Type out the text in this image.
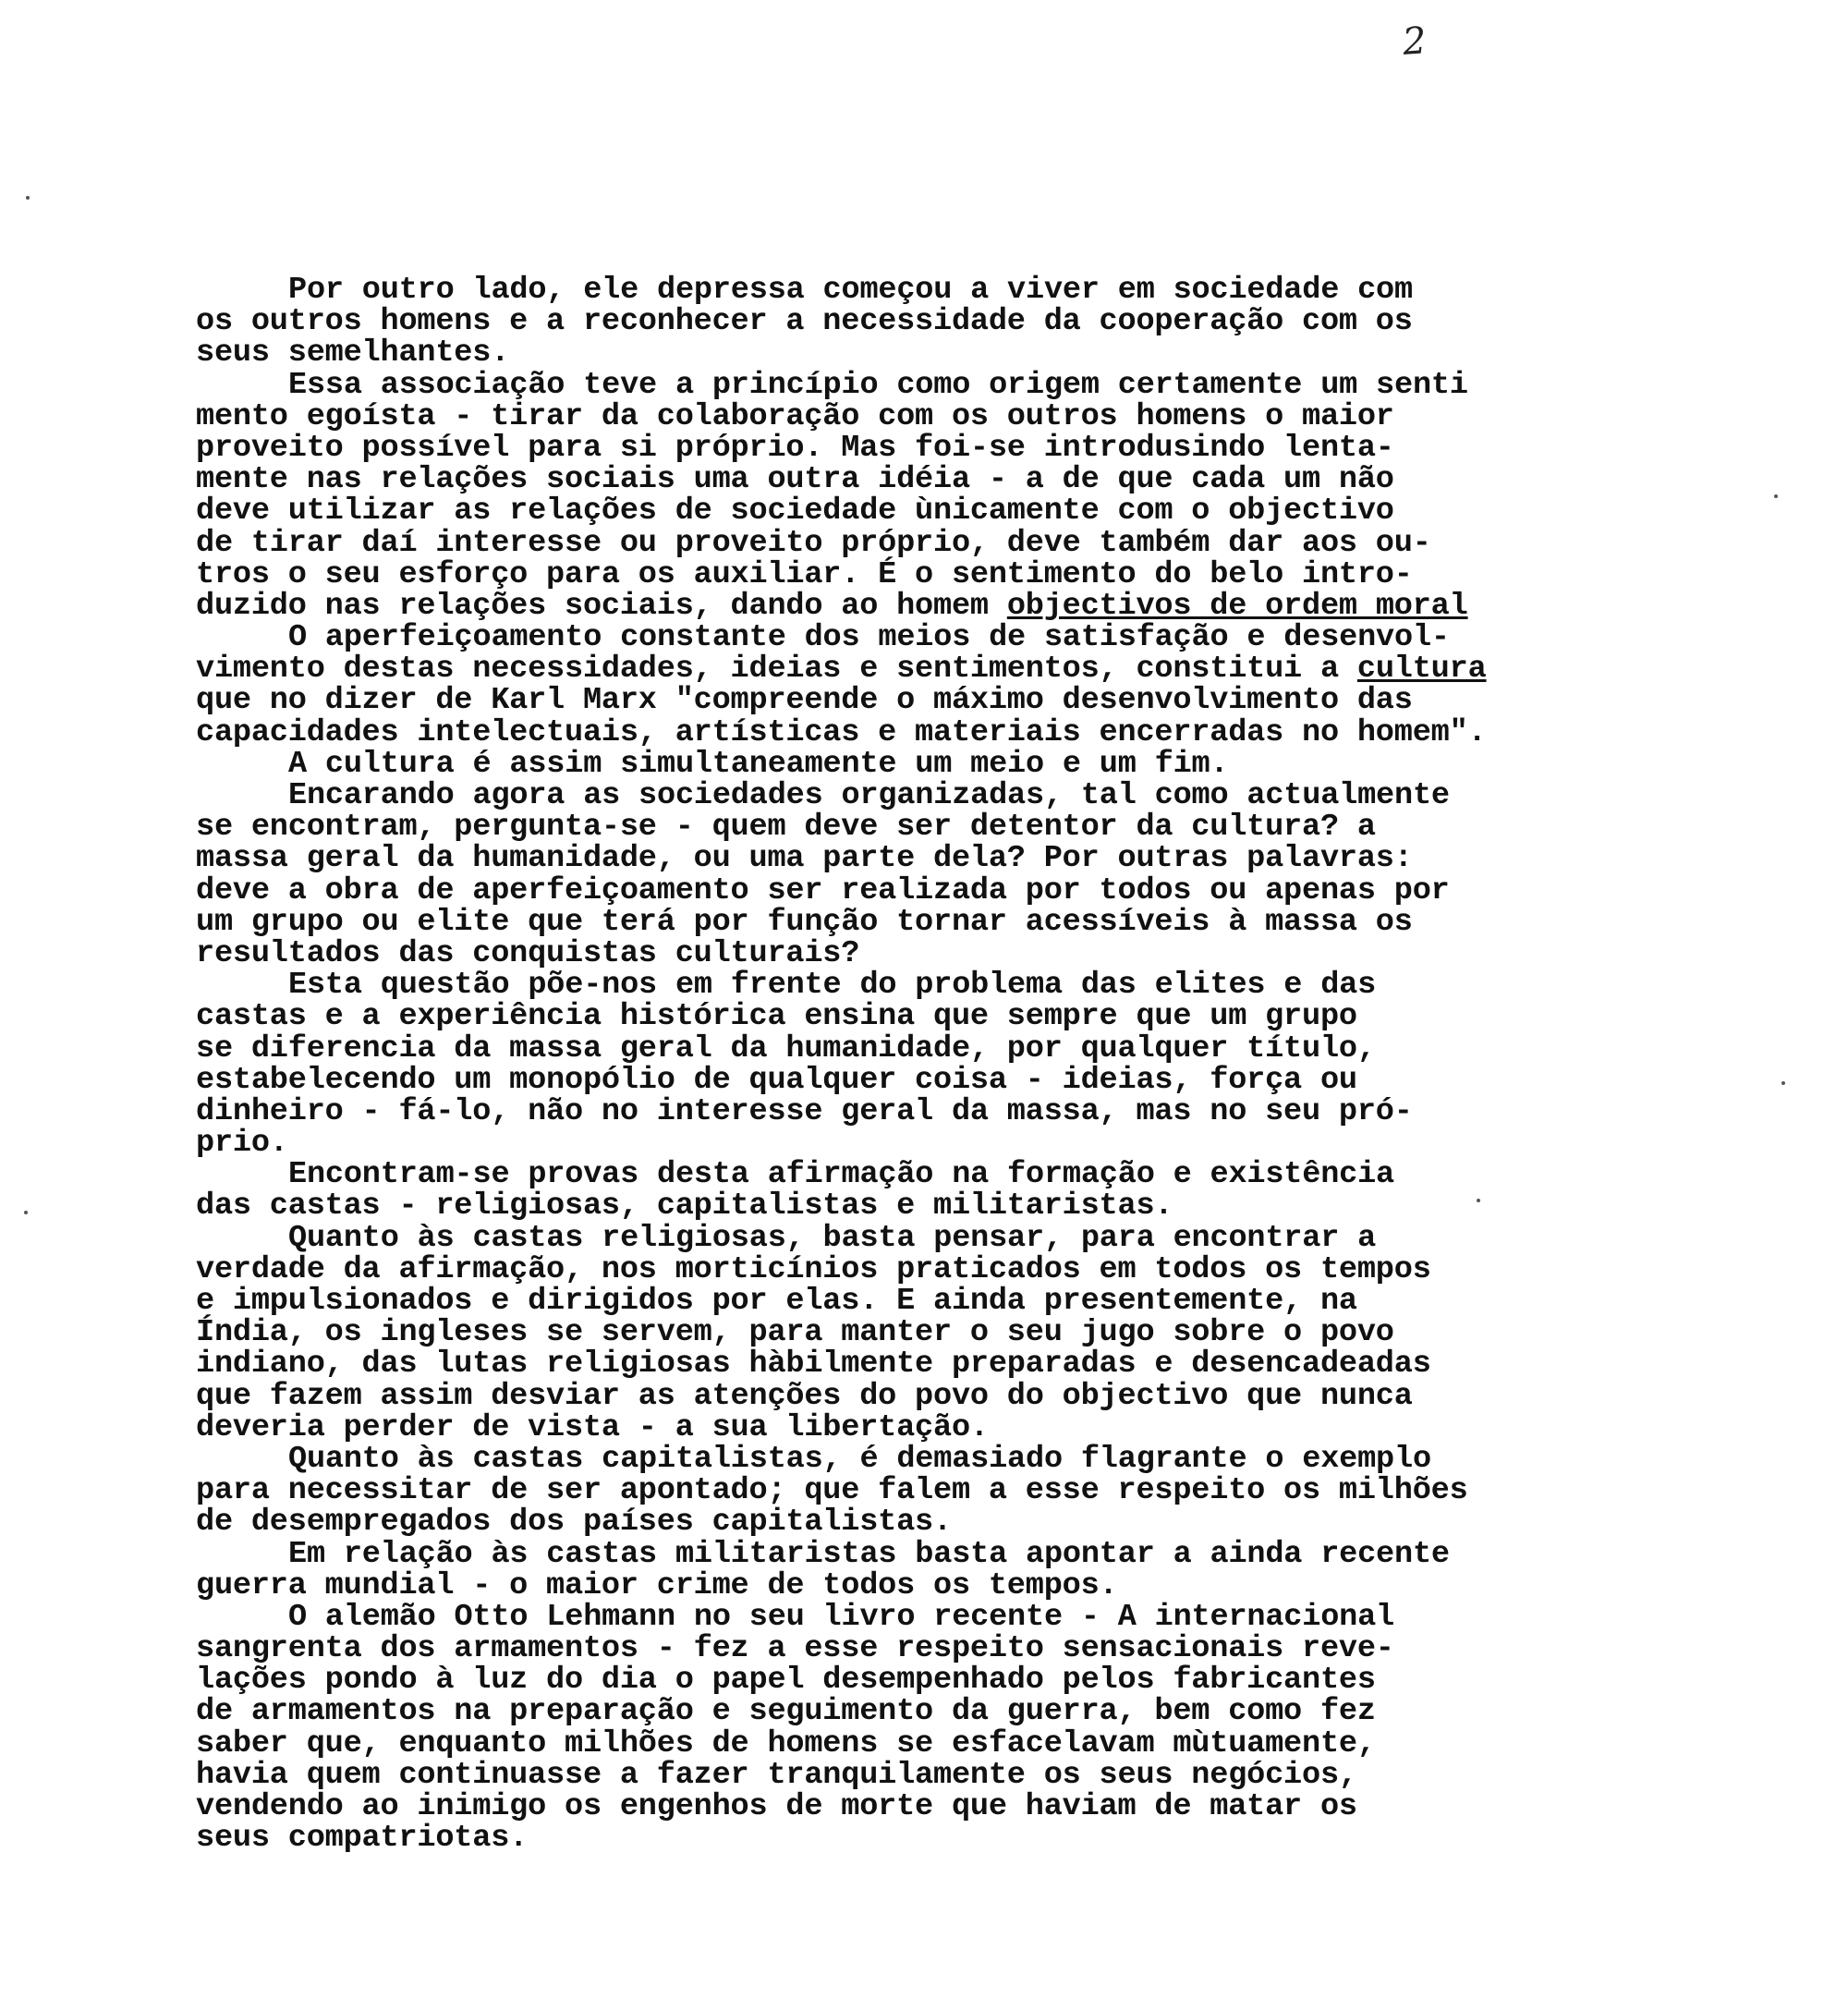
2
Por outro lado, ele depressa começou a viver em sociedade com
os outros homens e a reconhecer a necessidade da cooperação com os
seus semelhantes.
Essa associação teve a princípio como origem certamente um senti
mento egoísta - tirar da colaboração com os outros homens o maior
proveito possível para si próprio. Mas foi-se introdusindo lenta-
mente nas relações sociais uma outra idéia - a de que cada um não
deve utilizar as relações de sociedade ùnicamente com o objectivo
de tirar daí interesse ou proveito próprio, deve também dar aos ou-
tros o seu esforço para os auxiliar. É o sentimento do belo intro-
duzido nas relações sociais, dando ao homem objectivos de ordem moral
O aperfeiçoamento constante dos meios de satisfação e desenvol-
vimento destas necessidades, ideias e sentimentos, constitui a cultura
que no dizer de Karl Marx "compreende o máximo desenvolvimento das
capacidades intelectuais, artísticas e materiais encerradas no homem".
A cultura é assim simultaneamente um meio e um fim.
Encarando agora as sociedades organizadas, tal como actualmente
se encontram, pergunta-se - quem deve ser detentor da cultura? a
massa geral da humanidade, ou uma parte dela? Por outras palavras:
deve a obra de aperfeiçoamento ser realizada por todos ou apenas por
um grupo ou elite que terá por função tornar acessíveis à massa os
resultados das conquistas culturais?
Esta questão põe-nos em frente do problema das elites e das
castas e a experiência histórica ensina que sempre que um grupo
se diferencia da massa geral da humanidade, por qualquer título,
estabelecendo um monopólio de qualquer coisa - ideias, força ou
dinheiro - fá-lo, não no interesse geral da massa, mas no seu pró-
prio.
Encontram-se provas desta afirmação na formação e existência
das castas - religiosas, capitalistas e militaristas.
Quanto às castas religiosas, basta pensar, para encontrar a
verdade da afirmação, nos morticínios praticados em todos os tempos
e impulsionados e dirigidos por elas. E ainda presentemente, na
Índia, os ingleses se servem, para manter o seu jugo sobre o povo
indiano, das lutas religiosas hàbilmente preparadas e desencadeadas
que fazem assim desviar as atenções do povo do objectivo que nunca
deveria perder de vista - a sua libertação.
Quanto às castas capitalistas, é demasiado flagrante o exemplo
para necessitar de ser apontado; que falem a esse respeito os milhões
de desempregados dos países capitalistas.
Em relação às castas militaristas basta apontar a ainda recente
guerra mundial - o maior crime de todos os tempos.
O alemão Otto Lehmann no seu livro recente - A internacional
sangrenta dos armamentos - fez a esse respeito sensacionais reve-
lações pondo à luz do dia o papel desempenhado pelos fabricantes
de armamentos na preparação e seguimento da guerra, bem como fez
saber que, enquanto milhões de homens se esfacelavam mùtuamente,
havia quem continuasse a fazer tranquilamente os seus negócios,
vendendo ao inimigo os engenhos de morte que haviam de matar os
seus compatriotas.
